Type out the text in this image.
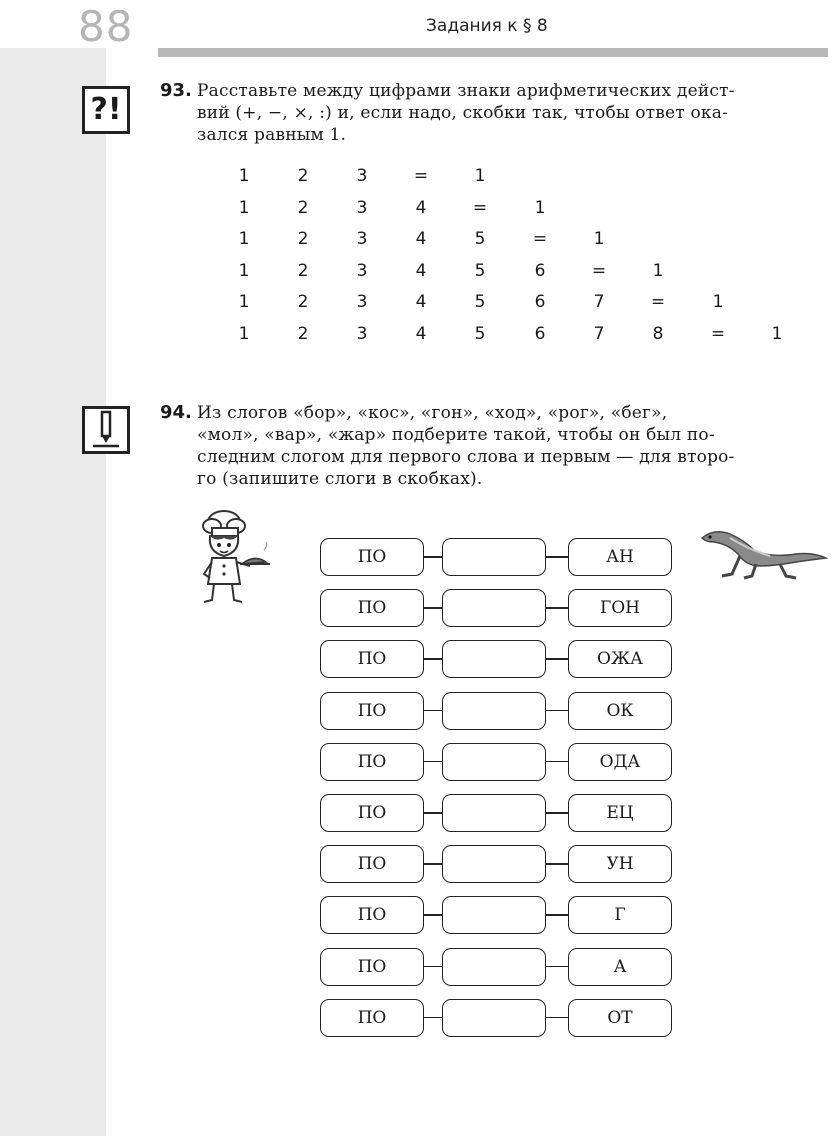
88	Задания к § 8
?!
93. Расставьте между цифрами знаки арифметических дейст-
вий (+, −, ×, :) и, если надо, скобки так, чтобы ответ ока-
зался равным 1.
1	2	3	=	1
1	2	3	4	=	1
1	2	3	4	5	=	1
1	2	3	4	5	6	=	1
1	2	3	4	5	6	7	=	1
1	2	3	4	5	6	7	8	=	1
94. Из слогов «бор», «кос», «гон», «ход», «рог», «бег»,
«мол», «вар», «жар» подберите такой, чтобы он был по-
следним слогом для первого слова и первым — для второ-
го (запишите слоги в скобках).
ПО	АН
ПО	ГОН
ПО	ОЖА
ПО	ОК
ПО	ОДА
ПО	ЕЦ
ПО	УН
ПО	Г
ПО	А
ПО	ОТ
